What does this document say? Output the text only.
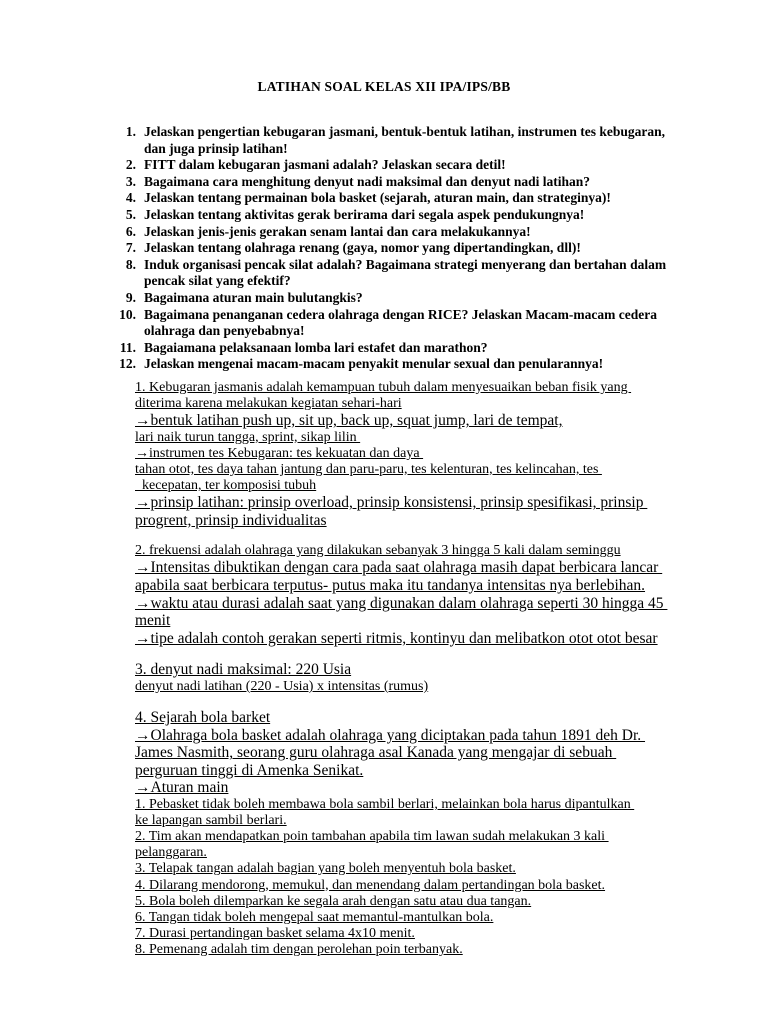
LATIHAN SOAL KELAS XII IPA/IPS/BB
1. Jelaskan pengertian kebugaran jasmani, bentuk-bentuk latihan, instrumen tes kebugaran, dan juga prinsip latihan!
2. FITT dalam kebugaran jasmani adalah? Jelaskan secara detil!
3. Bagaimana cara menghitung denyut nadi maksimal dan denyut nadi latihan?
4. Jelaskan tentang permainan bola basket (sejarah, aturan main, dan strateginya)!
5. Jelaskan tentang aktivitas gerak berirama dari segala aspek pendukungnya!
6. Jelaskan jenis-jenis gerakan senam lantai dan cara melakukannya!
7. Jelaskan tentang olahraga renang (gaya, nomor yang dipertandingkan, dll)!
8. Induk organisasi pencak silat adalah? Bagaimana strategi menyerang dan bertahan dalam pencak silat yang efektif?
9. Bagaimana aturan main bulutangkis?
10. Bagaimana penanganan cedera olahraga dengan RICE? Jelaskan Macam-macam cedera olahraga dan penyebabnya!
11. Bagaiamana pelaksanaan lomba lari estafet dan marathon?
12. Jelaskan mengenai macam-macam penyakit menular sexual dan penularannya!
1. Kebugaran jasmanis adalah kemampuan tubuh dalam menyesuaikan beban fisik yang
diterima karena melakukan kegiatan sehari-hari
→bentuk latihan push up, sit up, back up, squat jump, lari de tempat,
lari naik turun tangga, sprint, sikap lilin
→instrumen tes Kebugaran: tes kekuatan dan daya
tahan otot, tes daya tahan jantung dan paru-paru, tes kelenturan, tes kelincahan, tes
kecepatan, ter komposisi tubuh
→prinsip latihan: prinsip overload, prinsip konsistensi, prinsip spesifikasi, prinsip
progrent, prinsip individualitas
2. frekuensi adalah olahraga yang dilakukan sebanyak 3 hingga 5 kali dalam seminggu
→Intensitas dibuktikan dengan cara pada saat olahraga masih dapat berbicara lancar
apabila saat berbicara terputus- putus maka itu tandanya intensitas nya berlebihan.
→waktu atau durasi adalah saat yang digunakan dalam olahraga seperti 30 hingga 45
menit
→tipe adalah contoh gerakan seperti ritmis, kontinyu dan melibatkon otot otot besar
3. denyut nadi maksimal: 220 Usia
denyut nadi latihan (220 - Usia) x intensitas (rumus)
4. Sejarah bola barket
→Olahraga bola basket adalah olahraga yang diciptakan pada tahun 1891 deh Dr.
James Nasmith, seorang guru olahraga asal Kanada yang mengajar di sebuah
perguruan tinggi di Amenka Senikat.
→Aturan main
1. Pebasket tidak boleh membawa bola sambil berlari, melainkan bola harus dipantulkan
ke lapangan sambil berlari.
2. Tim akan mendapatkan poin tambahan apabila tim lawan sudah melakukan 3 kali
pelanggaran.
3. Telapak tangan adalah bagian yang boleh menyentuh bola basket.
4. Dilarang mendorong, memukul, dan menendang dalam pertandingan bola basket.
5. Bola boleh dilemparkan ke segala arah dengan satu atau dua tangan.
6. Tangan tidak boleh mengepal saat memantul-mantulkan bola.
7. Durasi pertandingan basket selama 4x10 menit.
8. Pemenang adalah tim dengan perolehan poin terbanyak.
